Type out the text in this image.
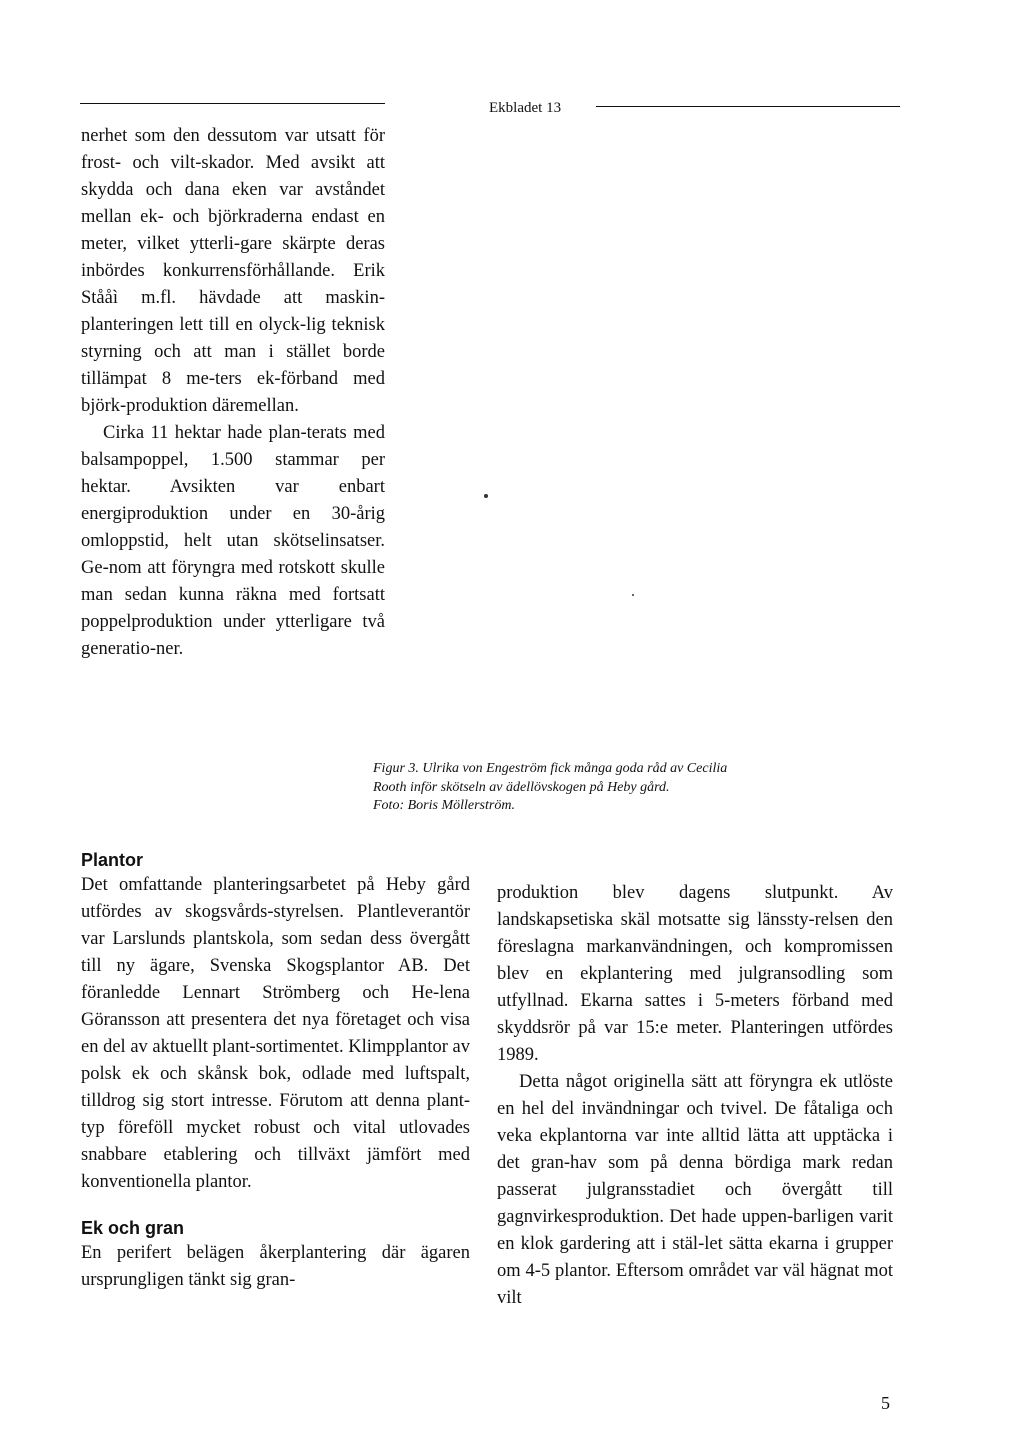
Ekbladet 13

nerhet som den dessutom var utsatt för frost- och vilt-skador. Med avsikt att skydda och dana eken var avståndet mellan ek- och björkraderna endast en meter, vilket ytterli-gare skärpte deras inbördes konkurrensförhållande. Erik Stååì m.fl. hävdade att maskin-planteringen lett till en olyck-lig teknisk styrning och att man i stället borde tillämpat 8 me-ters ek-förband med björk-produktion däremellan.

Cirka 11 hektar hade plan-terats med balsampoppel, 1.500 stammar per hektar. Avsikten var enbart energiproduktion under en 30-årig omloppstid, helt utan skötselinsatser. Ge-nom att föryngra med rotskott skulle man sedan kunna räkna med fortsatt poppelproduktion under ytterligare två generatio-ner.

Figur 3. Ulrika von Engeström fick många goda råd av Cecilia
Rooth inför skötseln av ädellövskogen på Heby gård.
Foto: Boris Möllerström.
Plantor

Det omfattande planteringsarbetet på Heby gård utfördes av skogsvårds-styrelsen. Plantleverantör var Larslunds plantskola, som sedan dess övergått till ny ägare, Svenska Skogsplantor AB. Det föranledde Lennart Strömberg och He-lena Göransson att presentera det nya företaget och visa en del av aktuellt plant-sortimentet. Klimpplantor av polsk ek och skånsk bok, odlade med luftspalt, tilldrog sig stort intresse. Förutom att denna plant-typ föreföll mycket robust och vital utlovades snabbare etablering och tillväxt jämfört med konventionella plantor.

Ek och gran

En perifert belägen åkerplantering där ägaren ursprungligen tänkt sig gran-

produktion blev dagens slutpunkt. Av landskapsetiska skäl motsatte sig länssty-relsen den föreslagna markanvändningen, och kompromissen blev en ekplantering med julgransodling som utfyllnad. Ekarna sattes i 5-meters förband med skyddsrör på var 15:e meter. Planteringen utfördes 1989.

Detta något originella sätt att föryngra ek utlöste en hel del invändningar och tvivel. De fåtaliga och veka ekplantorna var inte alltid lätta att upptäcka i det gran-hav som på denna bördiga mark redan passerat julgransstadiet och övergått till gagnvirkesproduktion. Det hade uppen-barligen varit en klok gardering att i stäl-let sätta ekarna i grupper om 4-5 plantor. Eftersom området var väl hägnat mot vilt

5
